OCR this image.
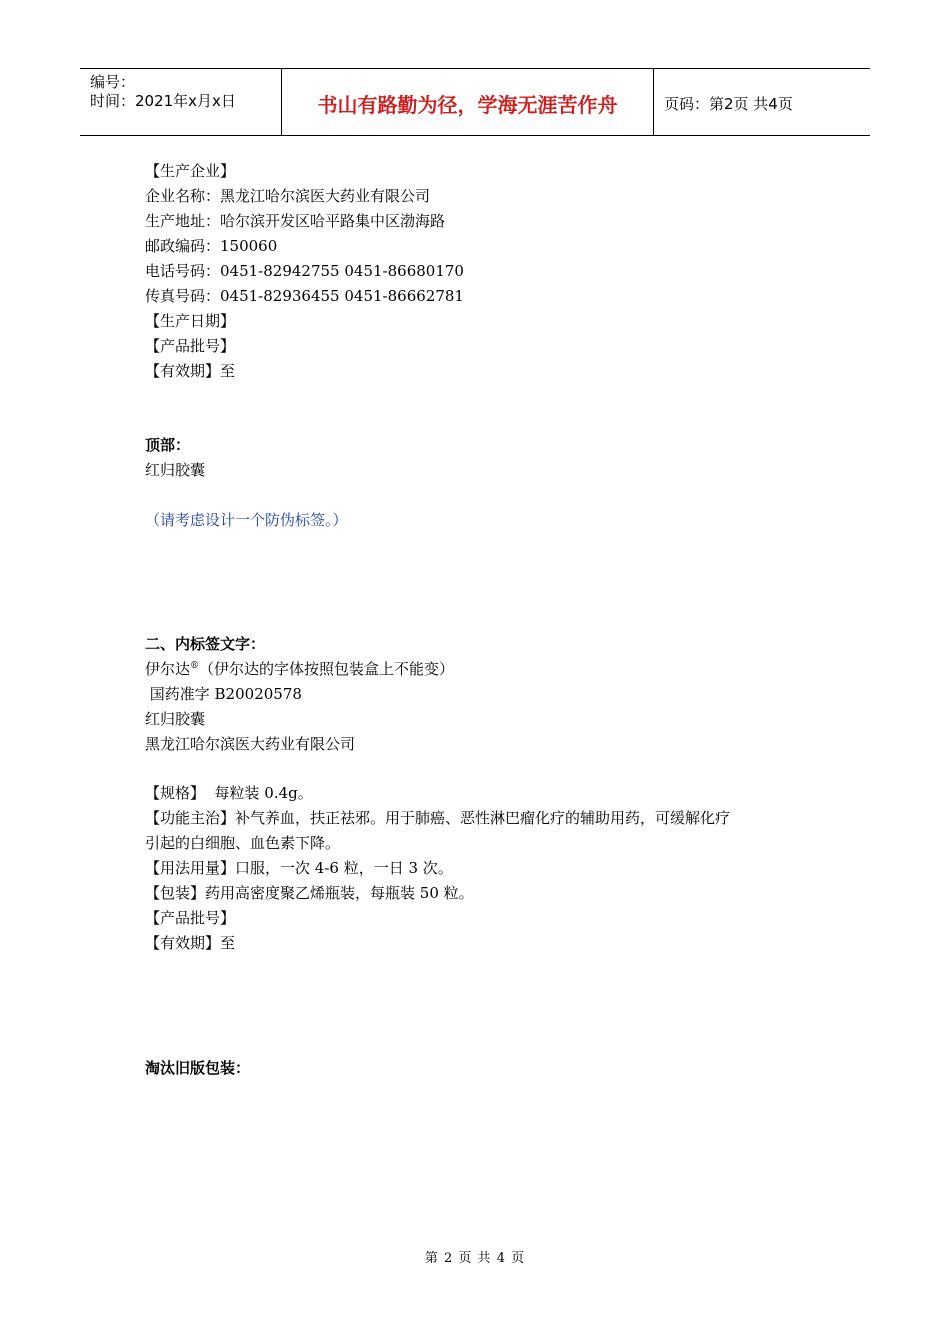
编号：
时间：2021年x月x日	书山有路勤为径，学海无涯苦作舟	页码：第2页 共4页
【生产企业】
企业名称：黑龙江哈尔滨医大药业有限公司
生产地址：哈尔滨开发区哈平路集中区渤海路
邮政编码：150060
电话号码：0451-82942755 0451-86680170
传真号码：0451-82936455 0451-86662781
【生产日期】
【产品批号】
【有效期】至
顶部：
红归胶囊
（请考虑设计一个防伪标签。）
二、内标签文字：
伊尔达®（伊尔达的字体按照包装盒上不能变）
国药准字 B20020578
红归胶囊
黑龙江哈尔滨医大药业有限公司
【规格】  每粒装 0.4g。
【功能主治】补气养血，扶正祛邪。用于肺癌、恶性淋巴瘤化疗的辅助用药，可缓解化疗
引起的白细胞、血色素下降。
【用法用量】口服，一次 4-6 粒，一日 3 次。
【包装】药用高密度聚乙烯瓶装，每瓶装 50 粒。
【产品批号】
【有效期】至
淘汰旧版包装：
第 2 页 共 4 页
